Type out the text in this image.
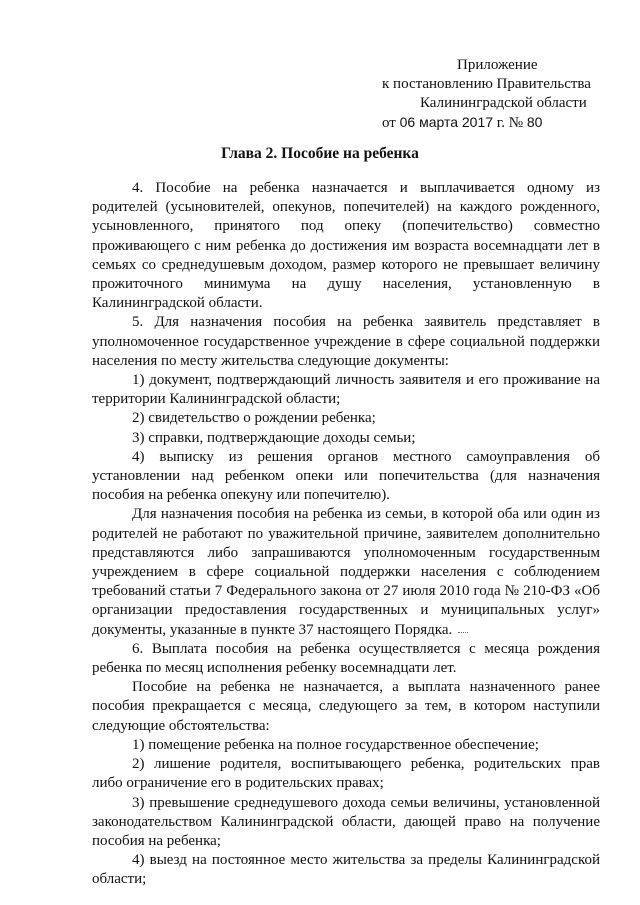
Приложение
к постановлению Правительства
Калининградской области
от 06 марта 2017 г. № 80
Глава 2. Пособие на ребенка

4. Пособие на ребенка назначается и выплачивается одному из родителей (усыновителей, опекунов, попечителей) на каждого рожденного, усыновленного, принятого под опеку (попечительство) совместно проживающего с ним ребенка до достижения им возраста восемнадцати лет в семьях со среднедушевым доходом, размер которого не превышает величину прожиточного минимума на душу населения, установленную в Калининградской области.

5. Для назначения пособия на ребенка заявитель представляет в уполномоченное государственное учреждение в сфере социальной поддержки населения по месту жительства следующие документы:

1) документ, подтверждающий личность заявителя и его проживание на территории Калининградской области;

2) свидетельство о рождении ребенка;

3) справки, подтверждающие доходы семьи;

4) выписку из решения органов местного самоуправления об установлении над ребенком опеки или попечительства (для назначения пособия на ребенка опекуну или попечителю).

Для назначения пособия на ребенка из семьи, в которой оба или один из родителей не работают по уважительной причине, заявителем дополнительно представляются либо запрашиваются уполномоченным государственным учреждением в сфере социальной поддержки населения с соблюдением требований статьи 7 Федерального закона от 27 июля 2010 года № 210-ФЗ «Об организации предоставления государственных и муниципальных услуг» документы, указанные в пункте 37 настоящего Порядка.

6. Выплата пособия на ребенка осуществляется с месяца рождения ребенка по месяц исполнения ребенку восемнадцати лет.

Пособие на ребенка не назначается, а выплата назначенного ранее пособия прекращается с месяца, следующего за тем, в котором наступили следующие обстоятельства:

1) помещение ребенка на полное государственное обеспечение;

2) лишение родителя, воспитывающего ребенка, родительских прав либо ограничение его в родительских правах;

3) превышение среднедушевого дохода семьи величины, установленной законодательством Калининградской области, дающей право на получение пособия на ребенка;

4) выезд на постоянное место жительства за пределы Калининградской области;
